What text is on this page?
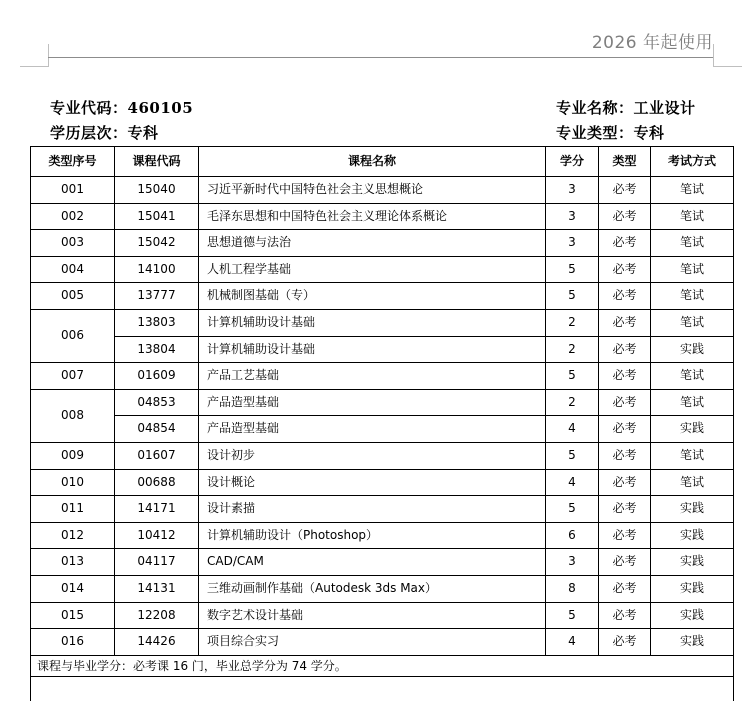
2026 年起使用
专业代码：460105
学历层次：专科
专业名称：工业设计
专业类型：专科
类型序号	课程代码	课程名称	学分	类型	考试方式
001	15040	习近平新时代中国特色社会主义思想概论	3	必考	笔试
002	15041	毛泽东思想和中国特色社会主义理论体系概论	3	必考	笔试
003	15042	思想道德与法治	3	必考	笔试
004	14100	人机工程学基础	5	必考	笔试
005	13777	机械制图基础（专）	5	必考	笔试
006	13803	计算机辅助设计基础	2	必考	笔试
	13804	计算机辅助设计基础	2	必考	实践
007	01609	产品工艺基础	5	必考	笔试
008	04853	产品造型基础	2	必考	笔试
	04854	产品造型基础	4	必考	实践
009	01607	设计初步	5	必考	笔试
010	00688	设计概论	4	必考	笔试
011	14171	设计素描	5	必考	实践
012	10412	计算机辅助设计（Photoshop）	6	必考	实践
013	04117	CAD/CAM	3	必考	实践
014	14131	三维动画制作基础（Autodesk 3ds Max）	8	必考	实践
015	12208	数字艺术设计基础	5	必考	实践
016	14426	项目综合实习	4	必考	实践
课程与毕业学分：必考课 16 门，毕业总学分为 74 学分。					
